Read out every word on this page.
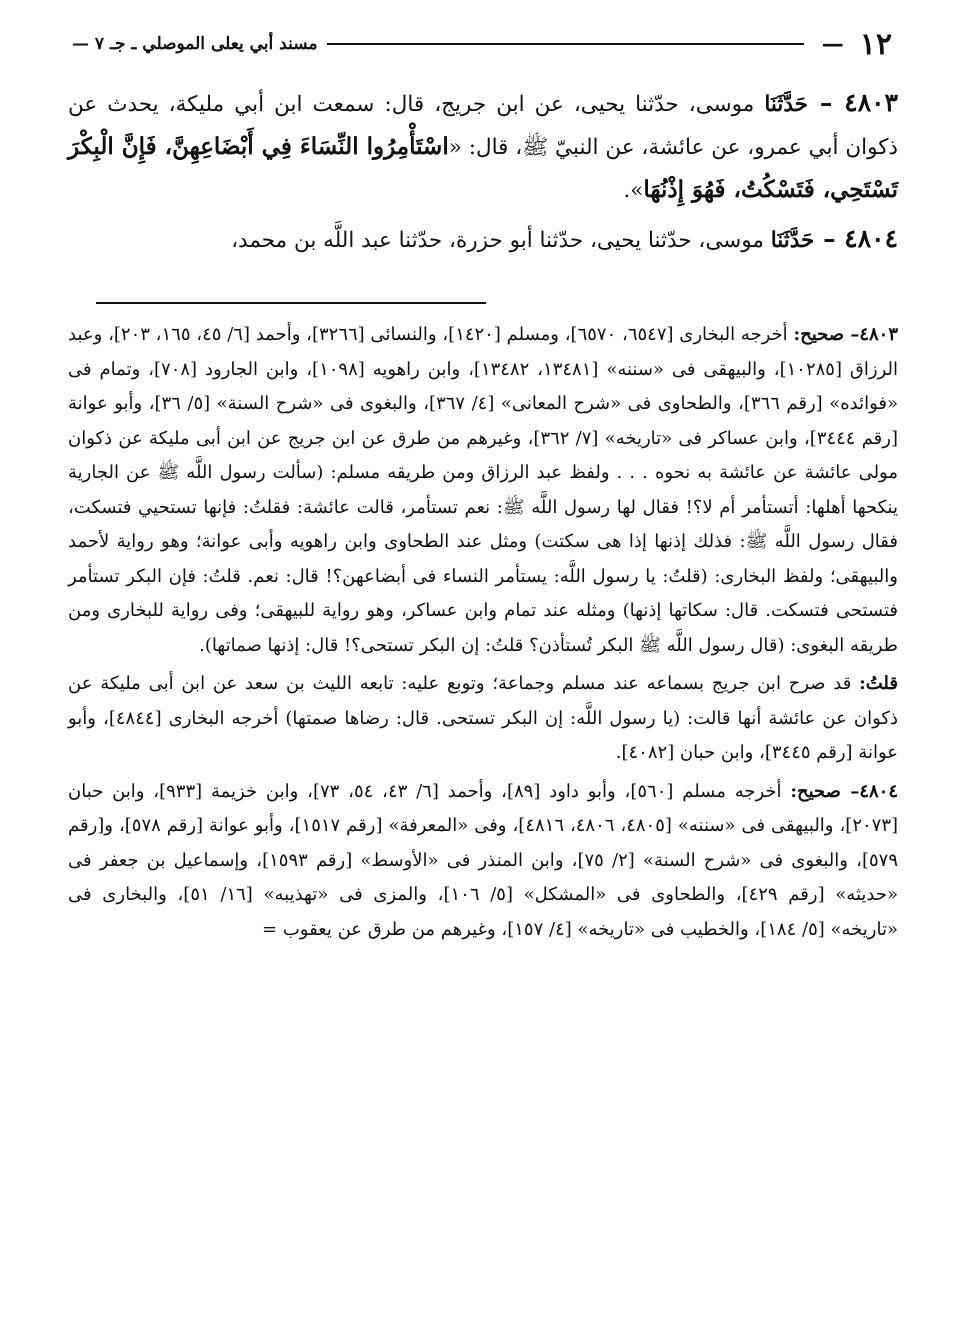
١٢
—
مسند أبي يعلى الموصلي ـ جـ ٧ —

٤٨٠٣ – حَدَّثَنَا موسى، حدّثنا يحيى، عن ابن جريج، قال: سمعت ابن أبي مليكة، يحدث عن ذكوان أبي عمرو، عن عائشة، عن النبيّ ﷺ، قال: «اسْتَأْمِرُوا النِّسَاءَ فِي أَبْضَاعِهِنَّ، فَإِنَّ الْبِكْرَ تَسْتَحِي، فَتَسْكُتُ، فَهُوَ إِذْنُهَا».

٤٨٠٤ – حَدَّثَنَا موسى، حدّثنا يحيى، حدّثنا أبو حزرة، حدّثنا عبد اللَّه بن محمد،

٤٨٠٣– صحيح: أخرجه البخارى [٦٥٤٧، ٦٥٧٠]، ومسلم [١٤٢٠]، والنسائى [٣٢٦٦]، وأحمد [٦/ ٤٥، ١٦٥، ٢٠٣]، وعبد الرزاق [١٠٢٨٥]، والبيهقى فى «سننه» [١٣٤٨١، ١٣٤٨٢]، وابن راهويه [١٠٩٨]، وابن الجارود [٧٠٨]، وتمام فى «فوائده» [رقم ٣٦٦]، والطحاوى فى «شرح المعانى» [٤/ ٣٦٧]، والبغوى فى «شرح السنة» [٥/ ٣٦]، وأبو عوانة [رقم ٣٤٤٤]، وابن عساكر فى «تاريخه» [٧/ ٣٦٢]، وغيرهم من طرق عن ابن جريج عن ابن أبى مليكة عن ذكوان مولى عائشة عن عائشة به نحوه . . . ولفظ عبد الرزاق ومن طريقه مسلم: (سألت رسول اللَّه ﷺ عن الجارية ينكحها أهلها: أتستأمر أم لا؟! فقال لها رسول اللَّه ﷺ: نعم تستأمر، قالت عائشة: فقلتُ: فإنها تستحيي فتسكت، فقال رسول اللَّه ﷺ: فذلك إذنها إذا هى سكتت) ومثل عند الطحاوى وابن راهويه وأبى عوانة؛ وهو رواية لأحمد والبيهقى؛ ولفظ البخارى: (قلتُ: يا رسول اللَّه: يستأمر النساء فى أبضاعهن؟! قال: نعم. قلتُ: فإن البكر تستأمر فتستحى فتسكت. قال: سكاتها إذنها) ومثله عند تمام وابن عساكر، وهو رواية للبيهقى؛ وفى رواية للبخارى ومن طريقه البغوى: (قال رسول اللَّه ﷺ البكر تُستأذن؟ قلتُ: إن البكر تستحى؟! قال: إذنها صماتها).

قلتُ: قد صرح ابن جريج بسماعه عند مسلم وجماعة؛ وتوبع عليه: تابعه الليث بن سعد عن ابن أبى مليكة عن ذكوان عن عائشة أنها قالت: (يا رسول اللَّه: إن البكر تستحى. قال: رضاها صمتها) أخرجه البخارى [٤٨٤٤]، وأبو عوانة [رقم ٣٤٤٥]، وابن حبان [٤٠٨٢].

٤٨٠٤– صحيح: أخرجه مسلم [٥٦٠]، وأبو داود [٨٩]، وأحمد [٦/ ٤٣، ٥٤، ٧٣]، وابن خزيمة [٩٣٣]، وابن حبان [٢٠٧٣]، والبيهقى فى «سننه» [٤٨٠٥، ٤٨٠٦، ٤٨١٦]، وفى «المعرفة» [رقم ١٥١٧]، وأبو عوانة [رقم ٥٧٨]، و[رقم ٥٧٩]، والبغوى فى «شرح السنة» [٢/ ٧٥]، وابن المنذر فى «الأوسط» [رقم ١٥٩٣]، وإسماعيل بن جعفر فى «حديثه» [رقم ٤٢٩]، والطحاوى فى «المشكل» [٥/ ١٠٦]، والمزى فى «تهذيبه» [١٦/ ٥١]، والبخارى فى «تاريخه» [٥/ ١٨٤]، والخطيب فى «تاريخه» [٤/ ١٥٧]، وغيرهم من طرق عن يعقوب =
